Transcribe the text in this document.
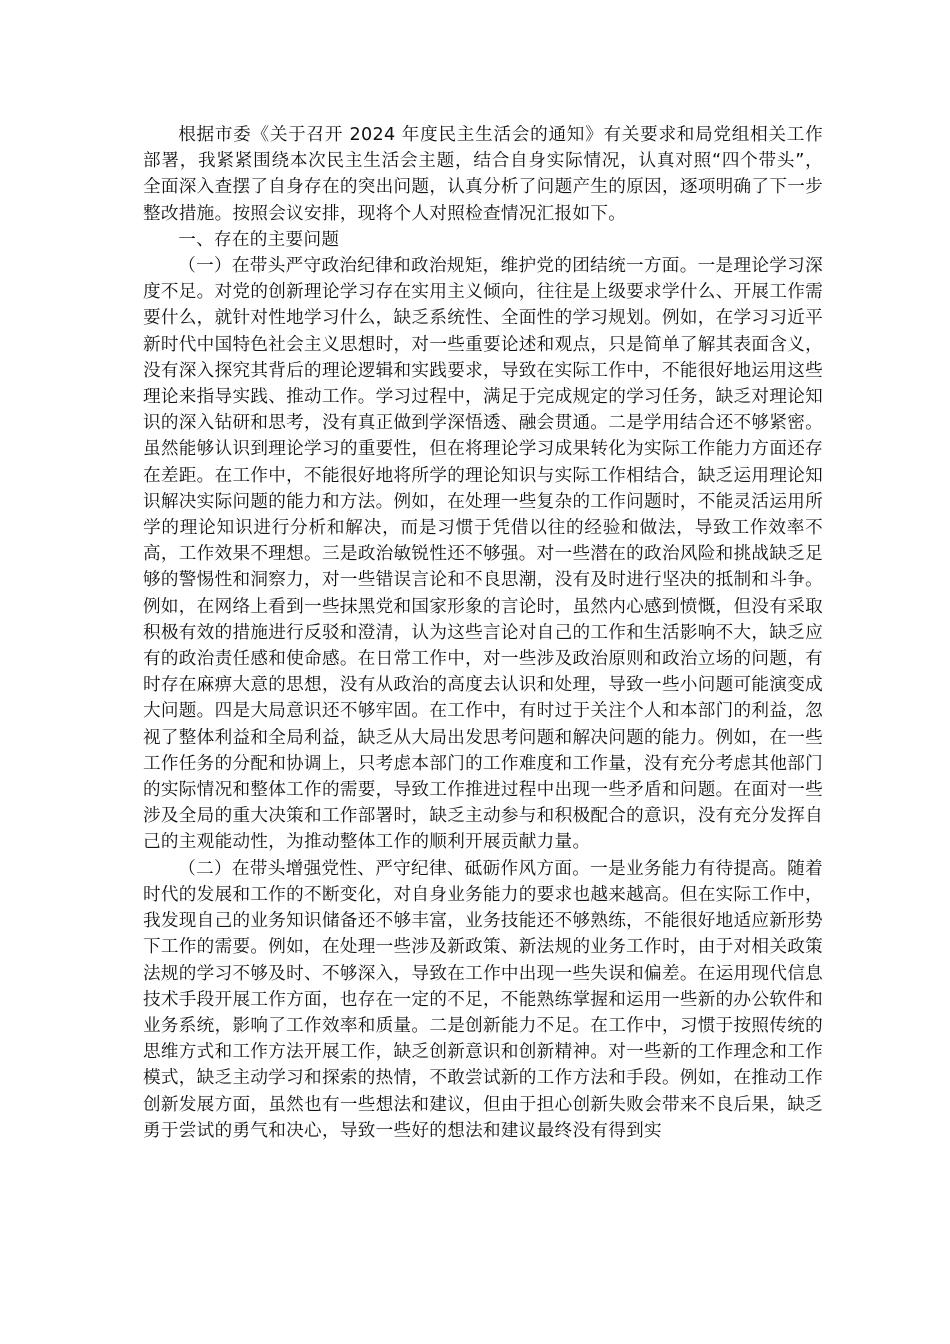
根据市委《关于召开 2024 年度民主生活会的通知》有关要求和局党组相关工作部署，我紧紧围绕本次民主生活会主题，结合自身实际情况，认真对照“四个带头”，全面深入查摆了自身存在的突出问题，认真分析了问题产生的原因，逐项明确了下一步整改措施。按照会议安排，现将个人对照检查情况汇报如下。

一、存在的主要问题

（一）在带头严守政治纪律和政治规矩，维护党的团结统一方面。一是理论学习深度不足。对党的创新理论学习存在实用主义倾向，往往是上级要求学什么、开展工作需要什么，就针对性地学习什么，缺乏系统性、全面性的学习规划。例如，在学习习近平新时代中国特色社会主义思想时，对一些重要论述和观点，只是简单了解其表面含义，没有深入探究其背后的理论逻辑和实践要求，导致在实际工作中，不能很好地运用这些理论来指导实践、推动工作。学习过程中，满足于完成规定的学习任务，缺乏对理论知识的深入钻研和思考，没有真正做到学深悟透、融会贯通。二是学用结合还不够紧密。虽然能够认识到理论学习的重要性，但在将理论学习成果转化为实际工作能力方面还存在差距。在工作中，不能很好地将所学的理论知识与实际工作相结合，缺乏运用理论知识解决实际问题的能力和方法。例如，在处理一些复杂的工作问题时，不能灵活运用所学的理论知识进行分析和解决，而是习惯于凭借以往的经验和做法，导致工作效率不高，工作效果不理想。三是政治敏锐性还不够强。对一些潜在的政治风险和挑战缺乏足够的警惕性和洞察力，对一些错误言论和不良思潮，没有及时进行坚决的抵制和斗争。例如，在网络上看到一些抹黑党和国家形象的言论时，虽然内心感到愤慨，但没有采取积极有效的措施进行反驳和澄清，认为这些言论对自己的工作和生活影响不大，缺乏应有的政治责任感和使命感。在日常工作中，对一些涉及政治原则和政治立场的问题，有时存在麻痹大意的思想，没有从政治的高度去认识和处理，导致一些小问题可能演变成大问题。四是大局意识还不够牢固。在工作中，有时过于关注个人和本部门的利益，忽视了整体利益和全局利益，缺乏从大局出发思考问题和解决问题的能力。例如，在一些工作任务的分配和协调上，只考虑本部门的工作难度和工作量，没有充分考虑其他部门的实际情况和整体工作的需要，导致工作推进过程中出现一些矛盾和问题。在面对一些涉及全局的重大决策和工作部署时，缺乏主动参与和积极配合的意识，没有充分发挥自己的主观能动性，为推动整体工作的顺利开展贡献力量。

（二）在带头增强党性、严守纪律、砥砺作风方面。一是业务能力有待提高。随着时代的发展和工作的不断变化，对自身业务能力的要求也越来越高。但在实际工作中，我发现自己的业务知识储备还不够丰富，业务技能还不够熟练，不能很好地适应新形势下工作的需要。例如，在处理一些涉及新政策、新法规的业务工作时，由于对相关政策法规的学习不够及时、不够深入，导致在工作中出现一些失误和偏差。在运用现代信息技术手段开展工作方面，也存在一定的不足，不能熟练掌握和运用一些新的办公软件和业务系统，影响了工作效率和质量。二是创新能力不足。在工作中，习惯于按照传统的思维方式和工作方法开展工作，缺乏创新意识和创新精神。对一些新的工作理念和工作模式，缺乏主动学习和探索的热情，不敢尝试新的工作方法和手段。例如，在推动工作创新发展方面，虽然也有一些想法和建议，但由于担心创新失败会带来不良后果，缺乏勇于尝试的勇气和决心，导致一些好的想法和建议最终没有得到实
